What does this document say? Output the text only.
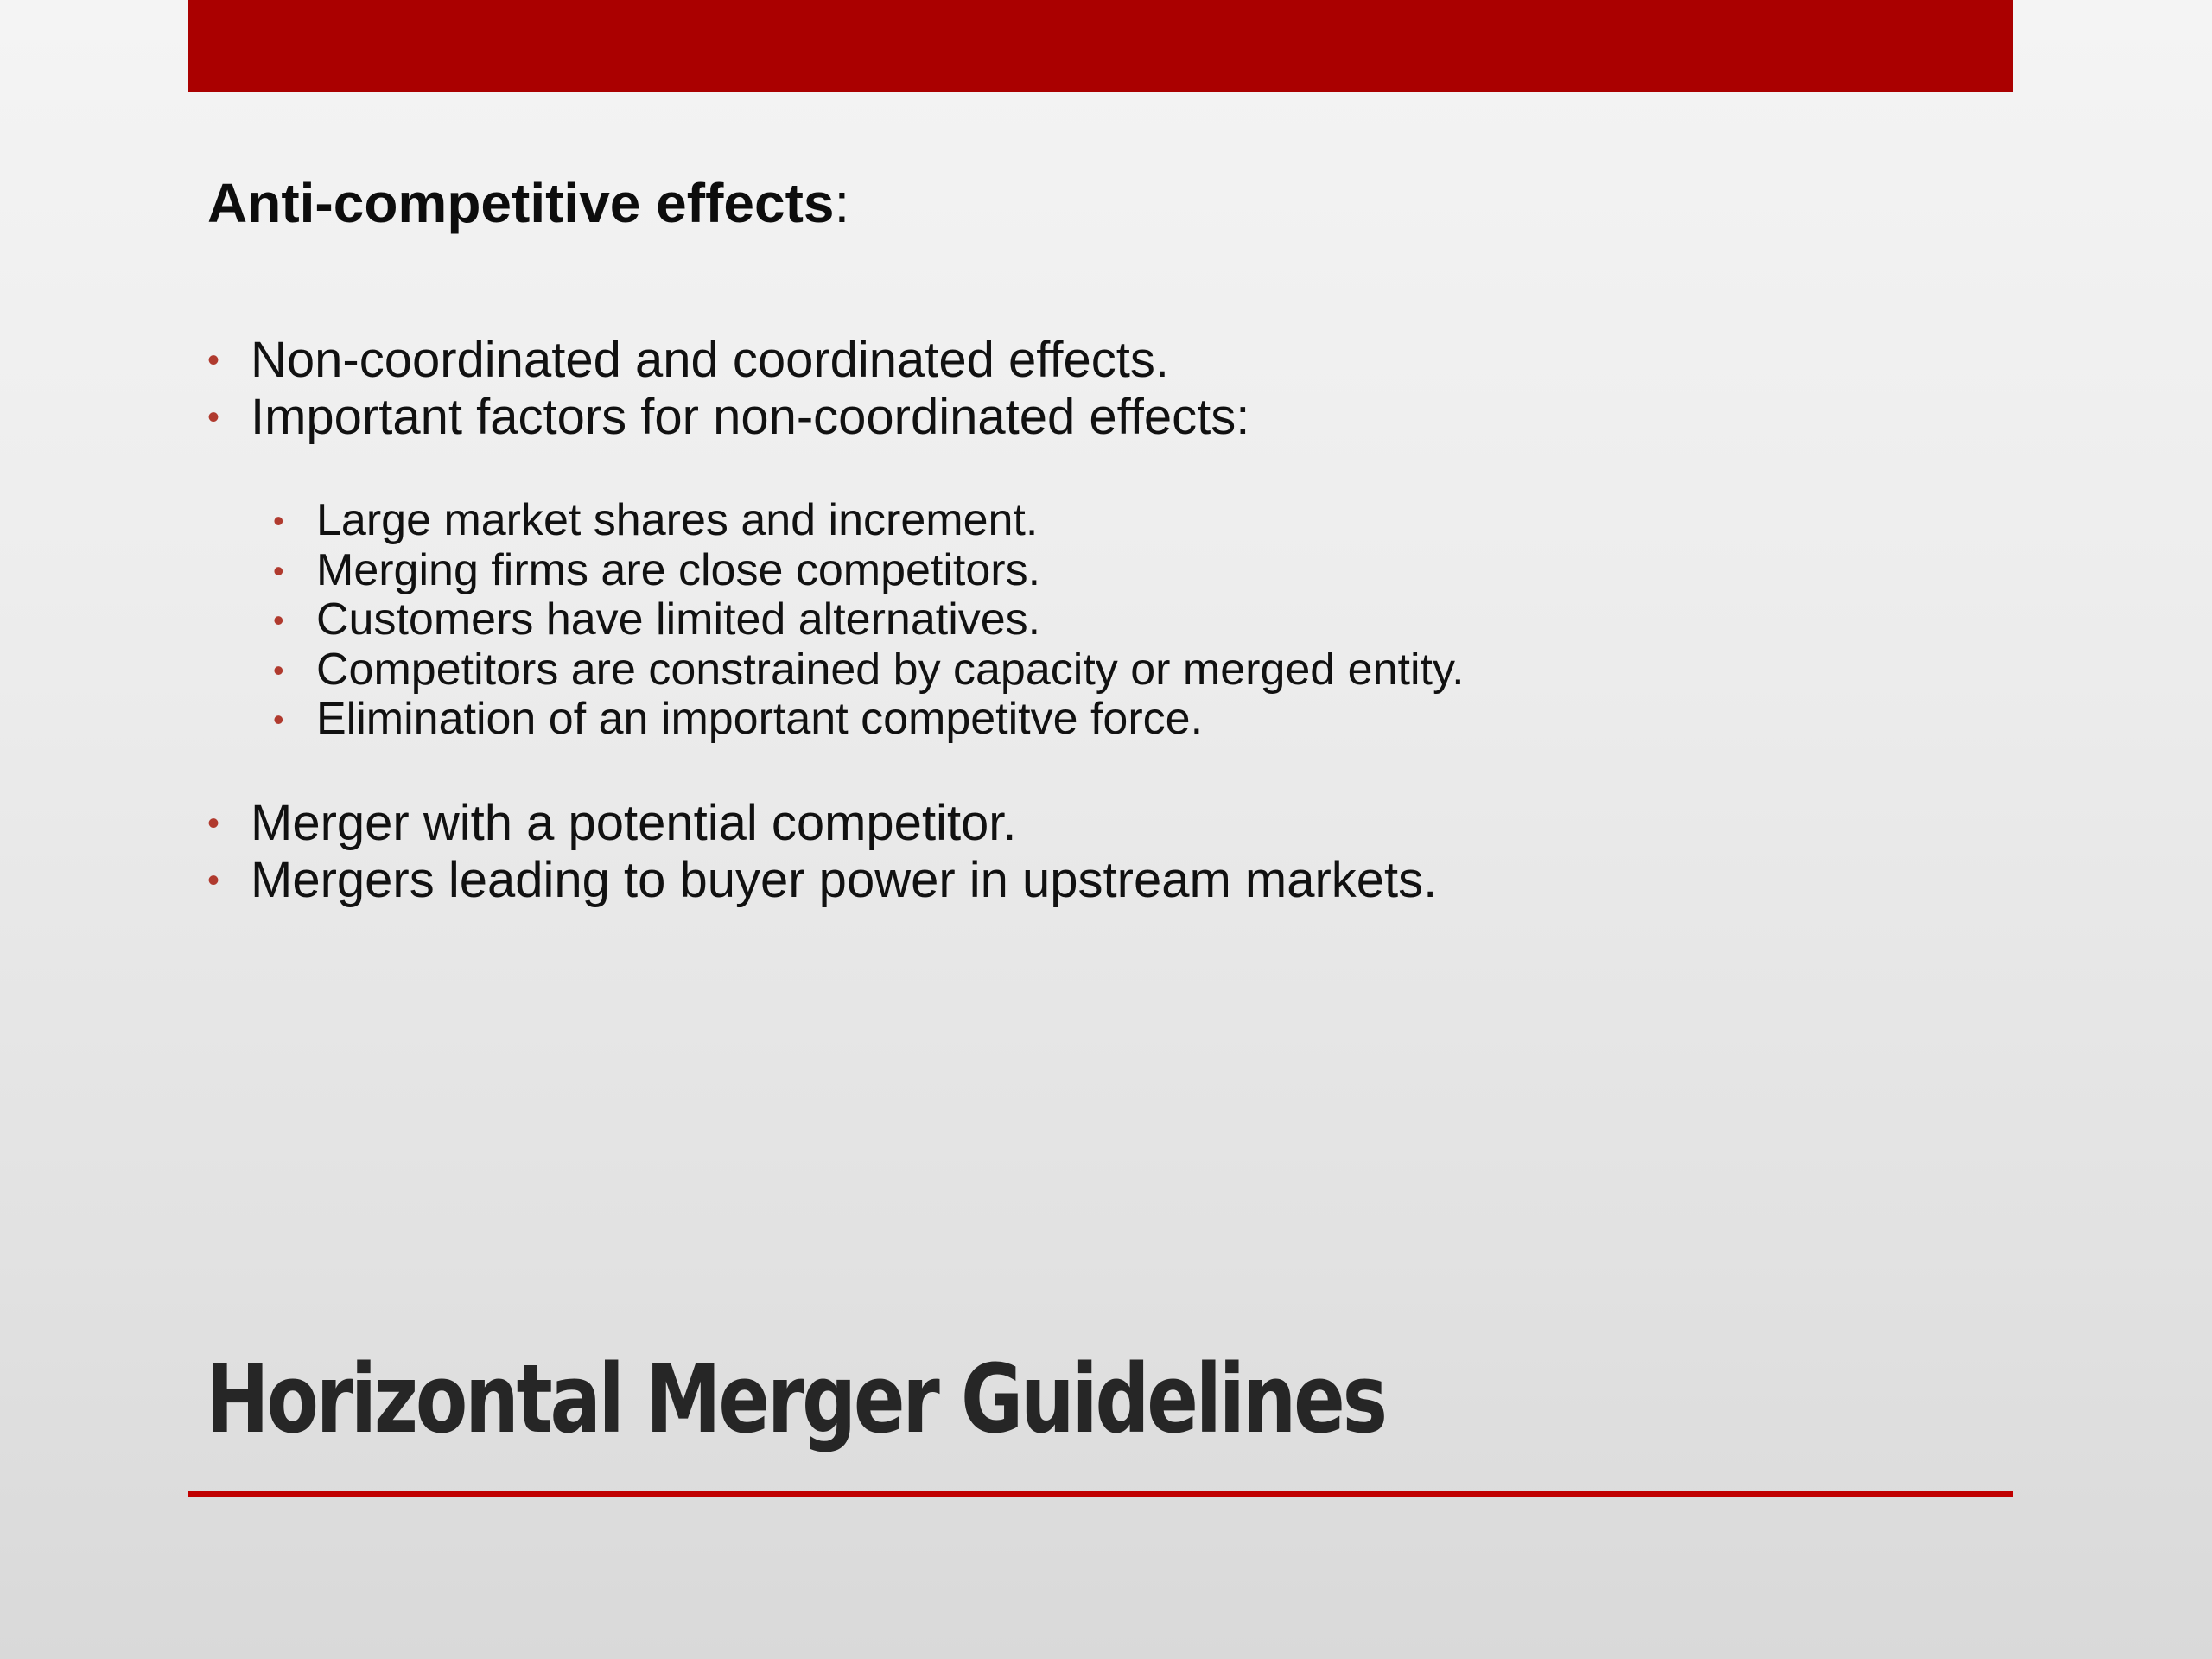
Anti-competitive effects:

• Non-coordinated and coordinated effects.
• Important factors for non-coordinated effects:
• Large market shares and increment.
• Merging firms are close competitors.
• Customers have limited alternatives.
• Competitors are constrained by capacity or merged entity.
• Elimination of an important competitve force.
• Merger with a potential competitor.
• Mergers leading to buyer power in upstream markets.
Horizontal Merger Guidelines
